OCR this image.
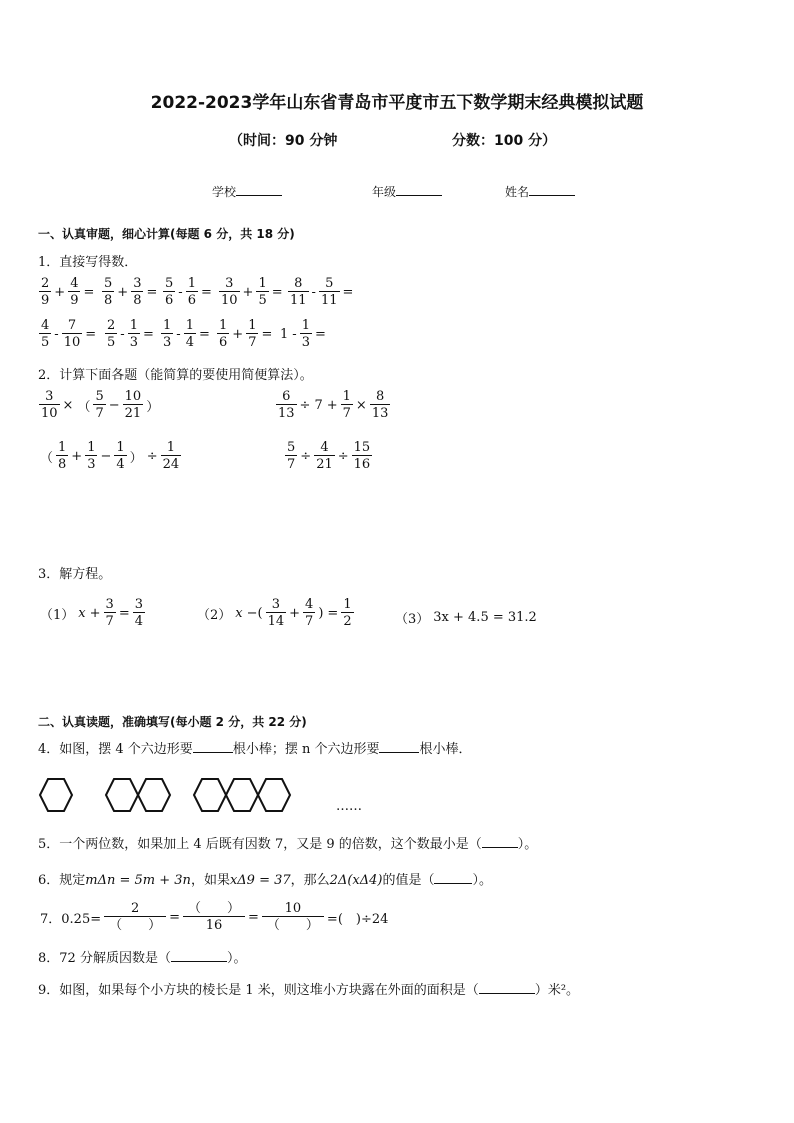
2022-2023学年山东省青岛市平度市五下数学期末经典模拟试题
（时间：90 分钟	分数：100 分）
学校	年级	姓名
一、认真审题，细心计算(每题 6 分，共 18 分)
1．直接写得数．
$\frac{2}{9} + \frac{4}{9} = \frac{5}{8} + \frac{3}{8} = \frac{5}{6} - \frac{1}{6} = \frac{3}{10} + \frac{1}{5} = \frac{8}{11} - \frac{5}{11}$ =
$\frac{4}{5} - \frac{7}{10} = \frac{2}{5} - \frac{1}{3} = \frac{1}{3} - \frac{1}{4} = \frac{1}{6} + \frac{1}{7} = 1 - \frac{1}{3}$ =
2．计算下面各题（能简算的要使用简便算法）。
$\frac{3}{10}$ × （ $\frac{5}{7} - \frac{10}{21}$ ）	$\frac{6}{13} \div 7 + \frac{1}{7} \times \frac{8}{13}$
（ $\frac{1}{8} + \frac{1}{3} - \frac{1}{4}$ ） ÷ $\frac{1}{24}$	$\frac{5}{7} \div \frac{4}{21} \div \frac{15}{16}$
3．解方程。
（1） $x + \frac{3}{7} = \frac{3}{4}$	（2） x −( $\frac{3}{14} + \frac{4}{7}$ ) = $\frac{1}{2}$	（3） 3x + 4.5 = 31.2
二、认真读题，准确填写(每小题 2 分，共 22 分)
4．如图，摆 4 个六边形要	根小棒；摆 n 个六边形要	根小棒．
……
5．一个两位数，如果加上 4 后既有因数 7，又是 9 的倍数，这个数最小是（	）。
6．规定mΔn = 5m + 3n，如果xΔ9 = 37，那么2Δ(xΔ4)的值是（	）。
7．$0.25= \frac{2}{( )} = \frac{( )}{16} = \frac{10}{( )}$ =(　)÷24
8．72 分解质因数是（	）。
9．如图，如果每个小方块的棱长是 1 米，则这堆小方块露在外面的面积是（	）米²。
